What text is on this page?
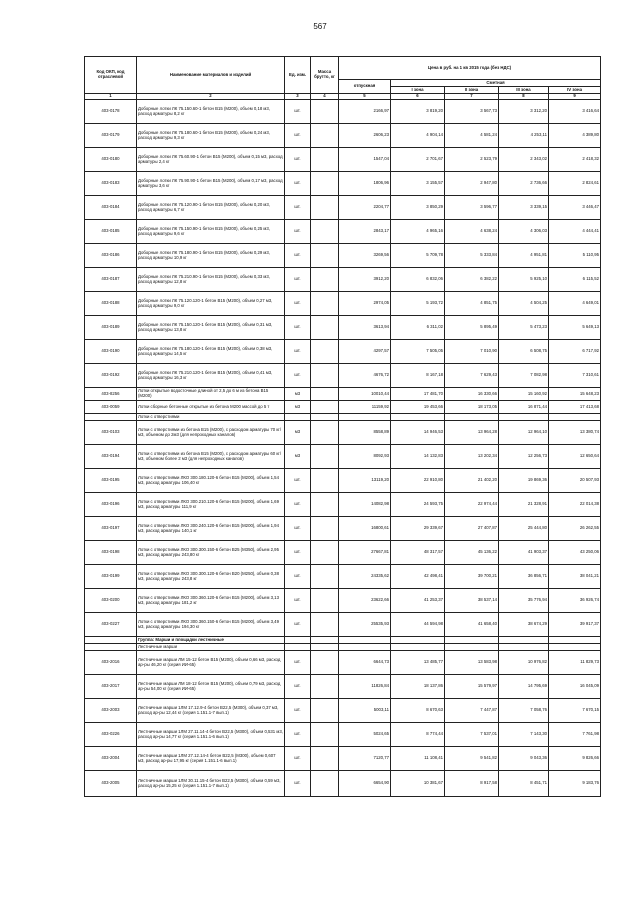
567
Код ОКП, код отраслевой	Наименование материалов и изделий	Ед. изм.	Масса брутто, кг	Цена в руб. на 1 кв 2015 года (без НДС)				
				отпускная	Сметная			
					I зона	II зона	III зона	IV зона
1	2	3	4	5	6	7	8	9
403-0178	Доборные лотки ЛК 75.150.60-1 бетон В15 (М200), объем 0,18 м3, расход арматуры 8,2 кг	шт.		2166,97	3 819,20	3 567,73	3 312,20	3 416,64
403-0179	Доборные лотки ЛК 75.180.60-1 бетон В15 (М200), объем 0,24 м3, расход арматуры 9,3 кг	шт.		2606,23	4 904,14	4 581,24	4 253,11	4 389,80
403-0180	Доборные лотки ЛК 75.60.90-1 бетон В15 (М200), объем 0,15 м3, расход арматуры 2,4 кг	шт.		1547,04	2 701,67	2 523,79	2 343,02	2 418,32
403-0183	Доборные лотки ЛК 75.90.90-1 бетон В15 (М200), объем 0,17 м3, расход арматуры 3,6 кг	шт.		1806,96	3 155,57	2 947,80	2 736,66	2 824,61
403-0184	Доборные лотки ЛК 75.120.90-1 бетон В15 (М200), объем 0,20 м3, расход арматуры 6,7 кг	шт.		2204,77	3 850,29	3 596,77	3 339,15	3 446,47
403-0185	Доборные лотки ЛК 75.150.90-1 бетон В15 (М200), объем 0,25 м3, расход арматуры 9,6 кг	шт.		2843,17	4 965,16	4 638,24	4 306,03	4 444,41
403-0186	Доборные лотки ЛК 75.180.90-1 бетон В15 (М200), объем 0,29 м3, расход арматуры 10,9 кг	шт.		3269,56	5 709,78	5 333,84	4 951,81	5 110,95
403-0187	Доборные лотки ЛК 75.210.90-1 бетон В15 (М200), объем 0,33 м3, расход арматуры 12,8 кг	шт.		3912,20	6 832,06	6 382,22	5 925,10	6 115,52
403-0188	Доборные лотки ЛК 75.120.120-1 бетон В15 (М200), объем 0,27 м3, расход арматуры 9,0 кг	шт.		2974,05	5 193,72	4 851,75	4 504,25	4 649,01
403-0189	Доборные лотки ЛК 75.150.120-1 бетон В15 (М200), объем 0,31 м3, расход арматуры 13,8 кг	шт.		3613,94	6 311,02	5 895,49	5 473,23	5 649,13
403-0190	Доборные лотки ЛК 75.180.120-1 бетон В15 (М200), объем 0,38 м3, расход арматуры 14,5 кг	шт.		4297,57	7 505,05	7 010,90	6 508,75	6 717,92
403-0192	Доборные лотки ЛК 75.210.120-1 бетон В15 (М200), объем 0,41 м3, расход арматуры 16,3 кг	шт.		4676,72	8 167,18	7 629,43	7 082,98	7 310,61
403-8256	Лотки открытые водосточные длиной от 2,5 до 6 м из бетона В15 (М200)	м3		10010,44	17 481,70	16 330,66	15 160,92	15 648,23
403-0059	Лотки сборные бетонные открытые из бетона М200 массой до 5 т	м3		11159,92	19 453,66	18 173,05	16 871,44	17 413,68
	Лотки с отверстиями							
403-0103	Лотки с отверстиями из бетона В15 (М200), с расходом арматуры 70 кг/м3, объемом до 2м3 (для непроходных каналов)	м3		8558,89	14 946,53	13 964,28	12 964,10	13 380,74
403-0194	Лотки с отверстиями из бетона В15 (М200), с расходом арматуры 60 кг/м3, объемом более 2 м3 (для непроходных каналов)	м3		8092,93	14 132,83	13 202,34	12 256,73	12 650,64
403-0195	Лотки с отверстиями ЛКО 300.180.120-6 бетон В15 (М200), объем 1,54 м3, расход арматуры 106,40 кг	шт.		13119,20	22 910,80	21 402,20	19 869,36	20 507,93
403-0196	Лотки с отверстиями ЛКО 300.210.120-6 бетон В15 (М200), объем 1,69 м3, расход арматуры 111,9 кг	шт.		14082,98	24 593,75	22 974,44	21 328,91	22 014,38
403-0197	Лотки с отверстиями ЛКО 300.240.120-6 бетон В15 (М200), объем 1,94 м3, расход арматуры 140,1 кг	шт.		16800,61	29 339,67	27 407,87	25 444,80	26 262,55
403-0198	Лотки с отверстиями ЛКО 300.300.150-6 бетон В25 (М350), объем 2,95 м3, расход арматуры 243,80 кг	шт.		27667,81	48 317,57	45 136,22	41 903,37	43 250,06
403-0199	Лотки с отверстиями ЛКО 300.300.120-6 бетон В20 (М250), объем 0,38 м3, расход арматуры 243,8 кг	шт.		24335,62	42 498,41	39 700,21	36 856,71	38 041,21
403-0200	Лотки с отверстиями ЛКО 300.360.120-6 бетон В15 (М200), объем 3,13 м3, расход арматуры 181,2 кг	шт.		23622,66	41 253,37	38 537,14	35 776,94	36 926,74
403-0227	Лотки с отверстиями ЛКО 300.360.150-6 бетон В15 (М200), объем 3,49 м3, расход арматуры 194,30 кг	шт.		25535,93	44 594,98	41 658,40	38 674,29	39 917,37
	Группа: Марши и площадки лестничные							
	Лестничные марши							
403-2016	Лестничные марши ЛМ 15-12 бетон В15 (М200), объем 0,66 м3, расход ар-ры 46,20 кг (серия ИИ-65)	шт.		6644,73	13 485,77	13 583,98	10 976,82	11 829,73
403-2017	Лестничные марши ЛМ 18-12 бетон В15 (М200), объем 0,79 м3, расход ар-ры 54,00 кг (серия ИИ-65)	шт.		11826,84	18 137,86	15 579,97	14 795,69	16 045,09
403-2003	Лестничные марши 1ЛМ 17.12.9-4 бетон В22,5 (М300), объем 0,37 м3, расход ар-ры 12,44 кг (серия 1.151.1-7 вып.1)	шт.		5003,11	8 670,63	7 447,87	7 058,76	7 670,15
403-0226	Лестничные марши 1ЛМ 27.11.14-4 бетон В22,5 (М300), объем 0,531 м3, расход ар-ры 14,77 кг (серия 1.151.1-6 вып.1)	шт.		5024,65	8 774,44	7 537,01	7 143,30	7 761,98
403-2004	Лестничные марши 1ЛМ 27.12.14-4 бетон В22,5 (М300), объем 0,607 м3, расход ар-ры 17,95 кг (серия 1.151.1-6 вып.1)	шт.		7120,77	11 108,41	9 541,82	9 043,36	9 826,66
403-2005	Лестничные марши 1ЛМ 30.11.15-4 бетон В22,5 (М300), объем 0,59 м3, расход ар-ры 15,25 кг (серия 1.151.1-7 вып.1)	шт.		6654,90	10 381,67	8 917,58	8 451,71	9 183,76
